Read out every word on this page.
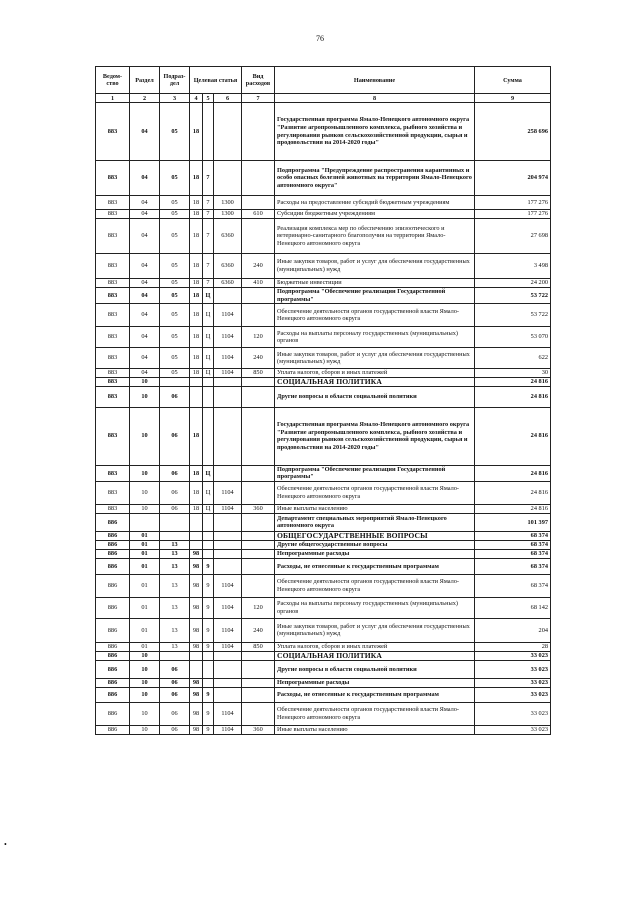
76
•
Ведом-ство	Раздел	Подраз-дел	Целевая статья			Вид расходов	Наименование	Сумма
1	2	3	4	5	6	7	8	9
883	04	05	18				Государственная программа Ямало-Ненецкого автономного округа "Развитие агропромышленного комплекса, рыбного хозяйства и регулирования рынков сельскохозяйственной продукции, сырья и продовольствия на 2014-2020 годы"	258 696
883	04	05	18	7			Подпрограмма "Предупреждение распространения карантинных и особо опасных болезней животных на территории Ямало-Ненецкого автономного округа"	204 974
883	04	05	18	7	1300		Расходы на предоставление субсидий бюджетным учреждениям	177 276
883	04	05	18	7	1300	610	Субсидии бюджетным учреждениям	177 276
883	04	05	18	7	6360		Реализация комплекса мер по обеспечению эпизоотического и ветеринарно-санитарного благополучия на территории Ямало-Ненецкого автономного округа	27 698
883	04	05	18	7	6360	240	Иные закупки товаров, работ и услуг для обеспечения государственных (муниципальных) нужд	3 498
883	04	05	18	7	6360	410	Бюджетные инвестиции	24 200
883	04	05	18	Ц			Подпрограмма "Обеспечение реализации Государственной программы"	53 722
883	04	05	18	Ц	1104		Обеспечение деятельности органов государственной власти Ямало-Ненецкого автономного округа	53 722
883	04	05	18	Ц	1104	120	Расходы на выплаты персоналу государственных (муниципальных) органов	53 070
883	04	05	18	Ц	1104	240	Иные закупки товаров, работ и услуг для обеспечения государственных (муниципальных) нужд	622
883	04	05	18	Ц	1104	850	Уплата налогов, сборов и иных платежей	30
883	10						СОЦИАЛЬНАЯ ПОЛИТИКА	24 816
883	10	06					Другие вопросы в области социальной политики	24 816
883	10	06	18				Государственная программа Ямало-Ненецкого автономного округа "Развитие агропромышленного комплекса, рыбного хозяйства и регулирования рынков сельскохозяйственной продукции, сырья и продовольствия на 2014-2020 годы"	24 816
883	10	06	18	Ц			Подпрограмма "Обеспечение реализации Государственной программы"	24 816
883	10	06	18	Ц	1104		Обеспечение деятельности органов государственной власти Ямало-Ненецкого автономного округа	24 816
883	10	06	18	Ц	1104	360	Иные выплаты населению	24 816
886							Департамент специальных мероприятий Ямало-Ненецкого автономного округа	101 397
886	01						ОБЩЕГОСУДАРСТВЕННЫЕ ВОПРОСЫ	68 374
886	01	13					Другие общегосударственные вопросы	68 374
886	01	13	98				Непрограммные расходы	68 374
886	01	13	98	9			Расходы, не отнесенные к государственным программам	68 374
886	01	13	98	9	1104		Обеспечение деятельности органов государственной власти Ямало-Ненецкого автономного округа	68 374
886	01	13	98	9	1104	120	Расходы на выплаты персоналу государственных (муниципальных) органов	68 142
886	01	13	98	9	1104	240	Иные закупки товаров, работ и услуг для обеспечения государственных (муниципальных) нужд	204
886	01	13	98	9	1104	850	Уплата налогов, сборов и иных платежей	28
886	10						СОЦИАЛЬНАЯ ПОЛИТИКА	33 023
886	10	06					Другие вопросы в области социальной политики	33 023
886	10	06	98				Непрограммные расходы	33 023
886	10	06	98	9			Расходы, не отнесенные к государственным программам	33 023
886	10	06	98	9	1104		Обеспечение деятельности органов государственной власти Ямало-Ненецкого автономного округа	33 023
886	10	06	98	9	1104	360	Иные выплаты населению	33 023
